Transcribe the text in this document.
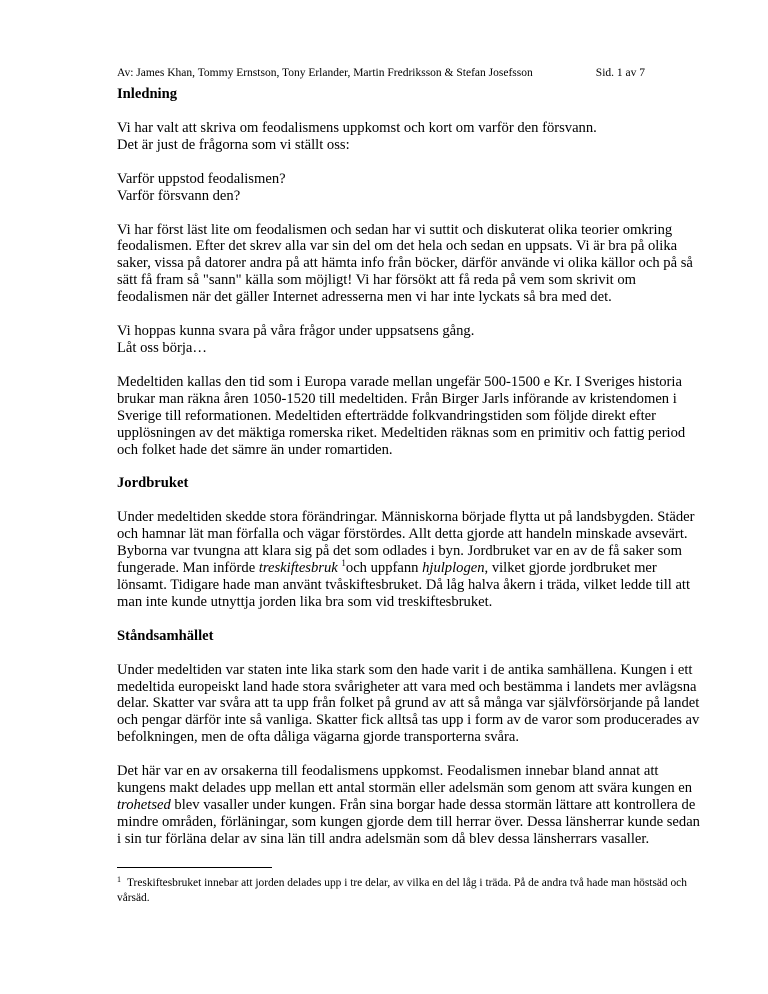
Av: James Khan, Tommy Ernstson, Tony Erlander, Martin Fredriksson & Stefan Josefsson	Sid. 1 av 7
Inledning

Vi har valt att skriva om feodalismens uppkomst och kort om varför den försvann.
Det är just de frågorna som vi ställt oss:

Varför uppstod feodalismen?
Varför försvann den?

Vi har först läst lite om feodalismen och sedan har vi suttit och diskuterat olika teorier omkring feodalismen. Efter det skrev alla var sin del om det hela och sedan en uppsats. Vi är bra på olika saker, vissa på datorer andra på att hämta info från böcker, därför använde vi olika källor och på så sätt få fram så "sann" källa som möjligt! Vi har försökt att få reda på vem som skrivit om feodalismen när det gäller Internet adresserna men vi har inte lyckats så bra med det.

Vi hoppas kunna svara på våra frågor under uppsatsens gång.
Låt oss börja…

Medeltiden kallas den tid som i Europa varade mellan ungefär 500-1500 e Kr. I Sveriges historia brukar man räkna åren 1050-1520 till medeltiden. Från Birger Jarls införande av kristendomen i Sverige till reformationen. Medeltiden efterträdde folkvandringstiden som följde direkt efter upplösningen av det mäktiga romerska riket. Medeltiden räknas som en primitiv och fattig period och folket hade det sämre än under romartiden.

Jordbruket

Under medeltiden skedde stora förändringar. Människorna började flytta ut på landsbygden. Städer och hamnar lät man förfalla och vägar förstördes. Allt detta gjorde att handeln minskade avsevärt. Byborna var tvungna att klara sig på det som odlades i byn. Jordbruket var en av de få saker som fungerade. Man införde treskiftesbruk $^1$och uppfann hjulplogen, vilket gjorde jordbruket mer lönsamt. Tidigare hade man använt tvåskiftesbruket. Då låg halva åkern i träda, vilket ledde till att man inte kunde utnyttja jorden lika bra som vid treskiftesbruket.

Ståndsamhället

Under medeltiden var staten inte lika stark som den hade varit i de antika samhällena. Kungen i ett medeltida europeiskt land hade stora svårigheter att vara med och bestämma i landets mer avlägsna delar. Skatter var svåra att ta upp från folket på grund av att så många var självförsörjande på landet och pengar därför inte så vanliga. Skatter fick alltså tas upp i form av de varor som producerades av befolkningen, men de ofta dåliga vägarna gjorde transporterna svåra.

Det här var en av orsakerna till feodalismens uppkomst. Feodalismen innebar bland annat att kungens makt delades upp mellan ett antal stormän eller adelsmän som genom att svära kungen en trohetsed blev vasaller under kungen. Från sina borgar hade dessa stormän lättare att kontrollera de mindre områden, förläningar, som kungen gjorde dem till herrar över. Dessa länsherrar kunde sedan i sin tur förläna delar av sina län till andra adelsmän som då blev dessa länsherrars vasaller.

$^1$ Treskiftesbruket innebar att jorden delades upp i tre delar, av vilka en del låg i träda. På de andra två hade man höstsäd och vårsäd.
